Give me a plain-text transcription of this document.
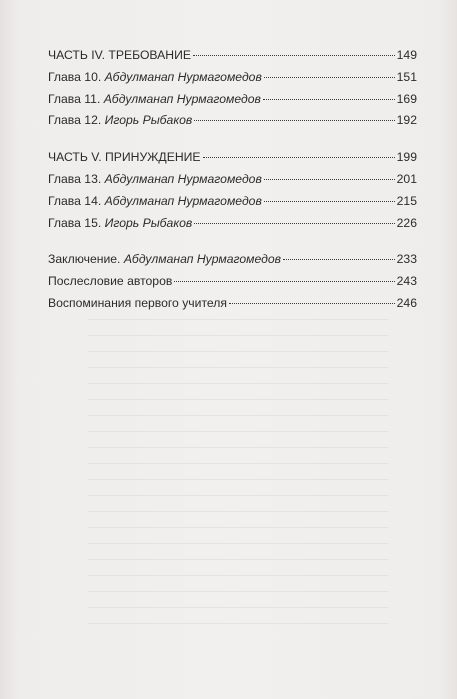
ЧАСТЬ IV. ТРЕБОВАНИЕ	149
Глава 10. Абдулманап Нурмагомедов	151
Глава 11. Абдулманап Нурмагомедов	169
Глава 12. Игорь Рыбаков	192
ЧАСТЬ V. ПРИНУЖДЕНИЕ	199
Глава 13. Абдулманап Нурмагомедов	201
Глава 14. Абдулманап Нурмагомедов	215
Глава 15. Игорь Рыбаков	226
Заключение. Абдулманап Нурмагомедов	233
Послесловие авторов	243
Воспоминания первого учителя	246
